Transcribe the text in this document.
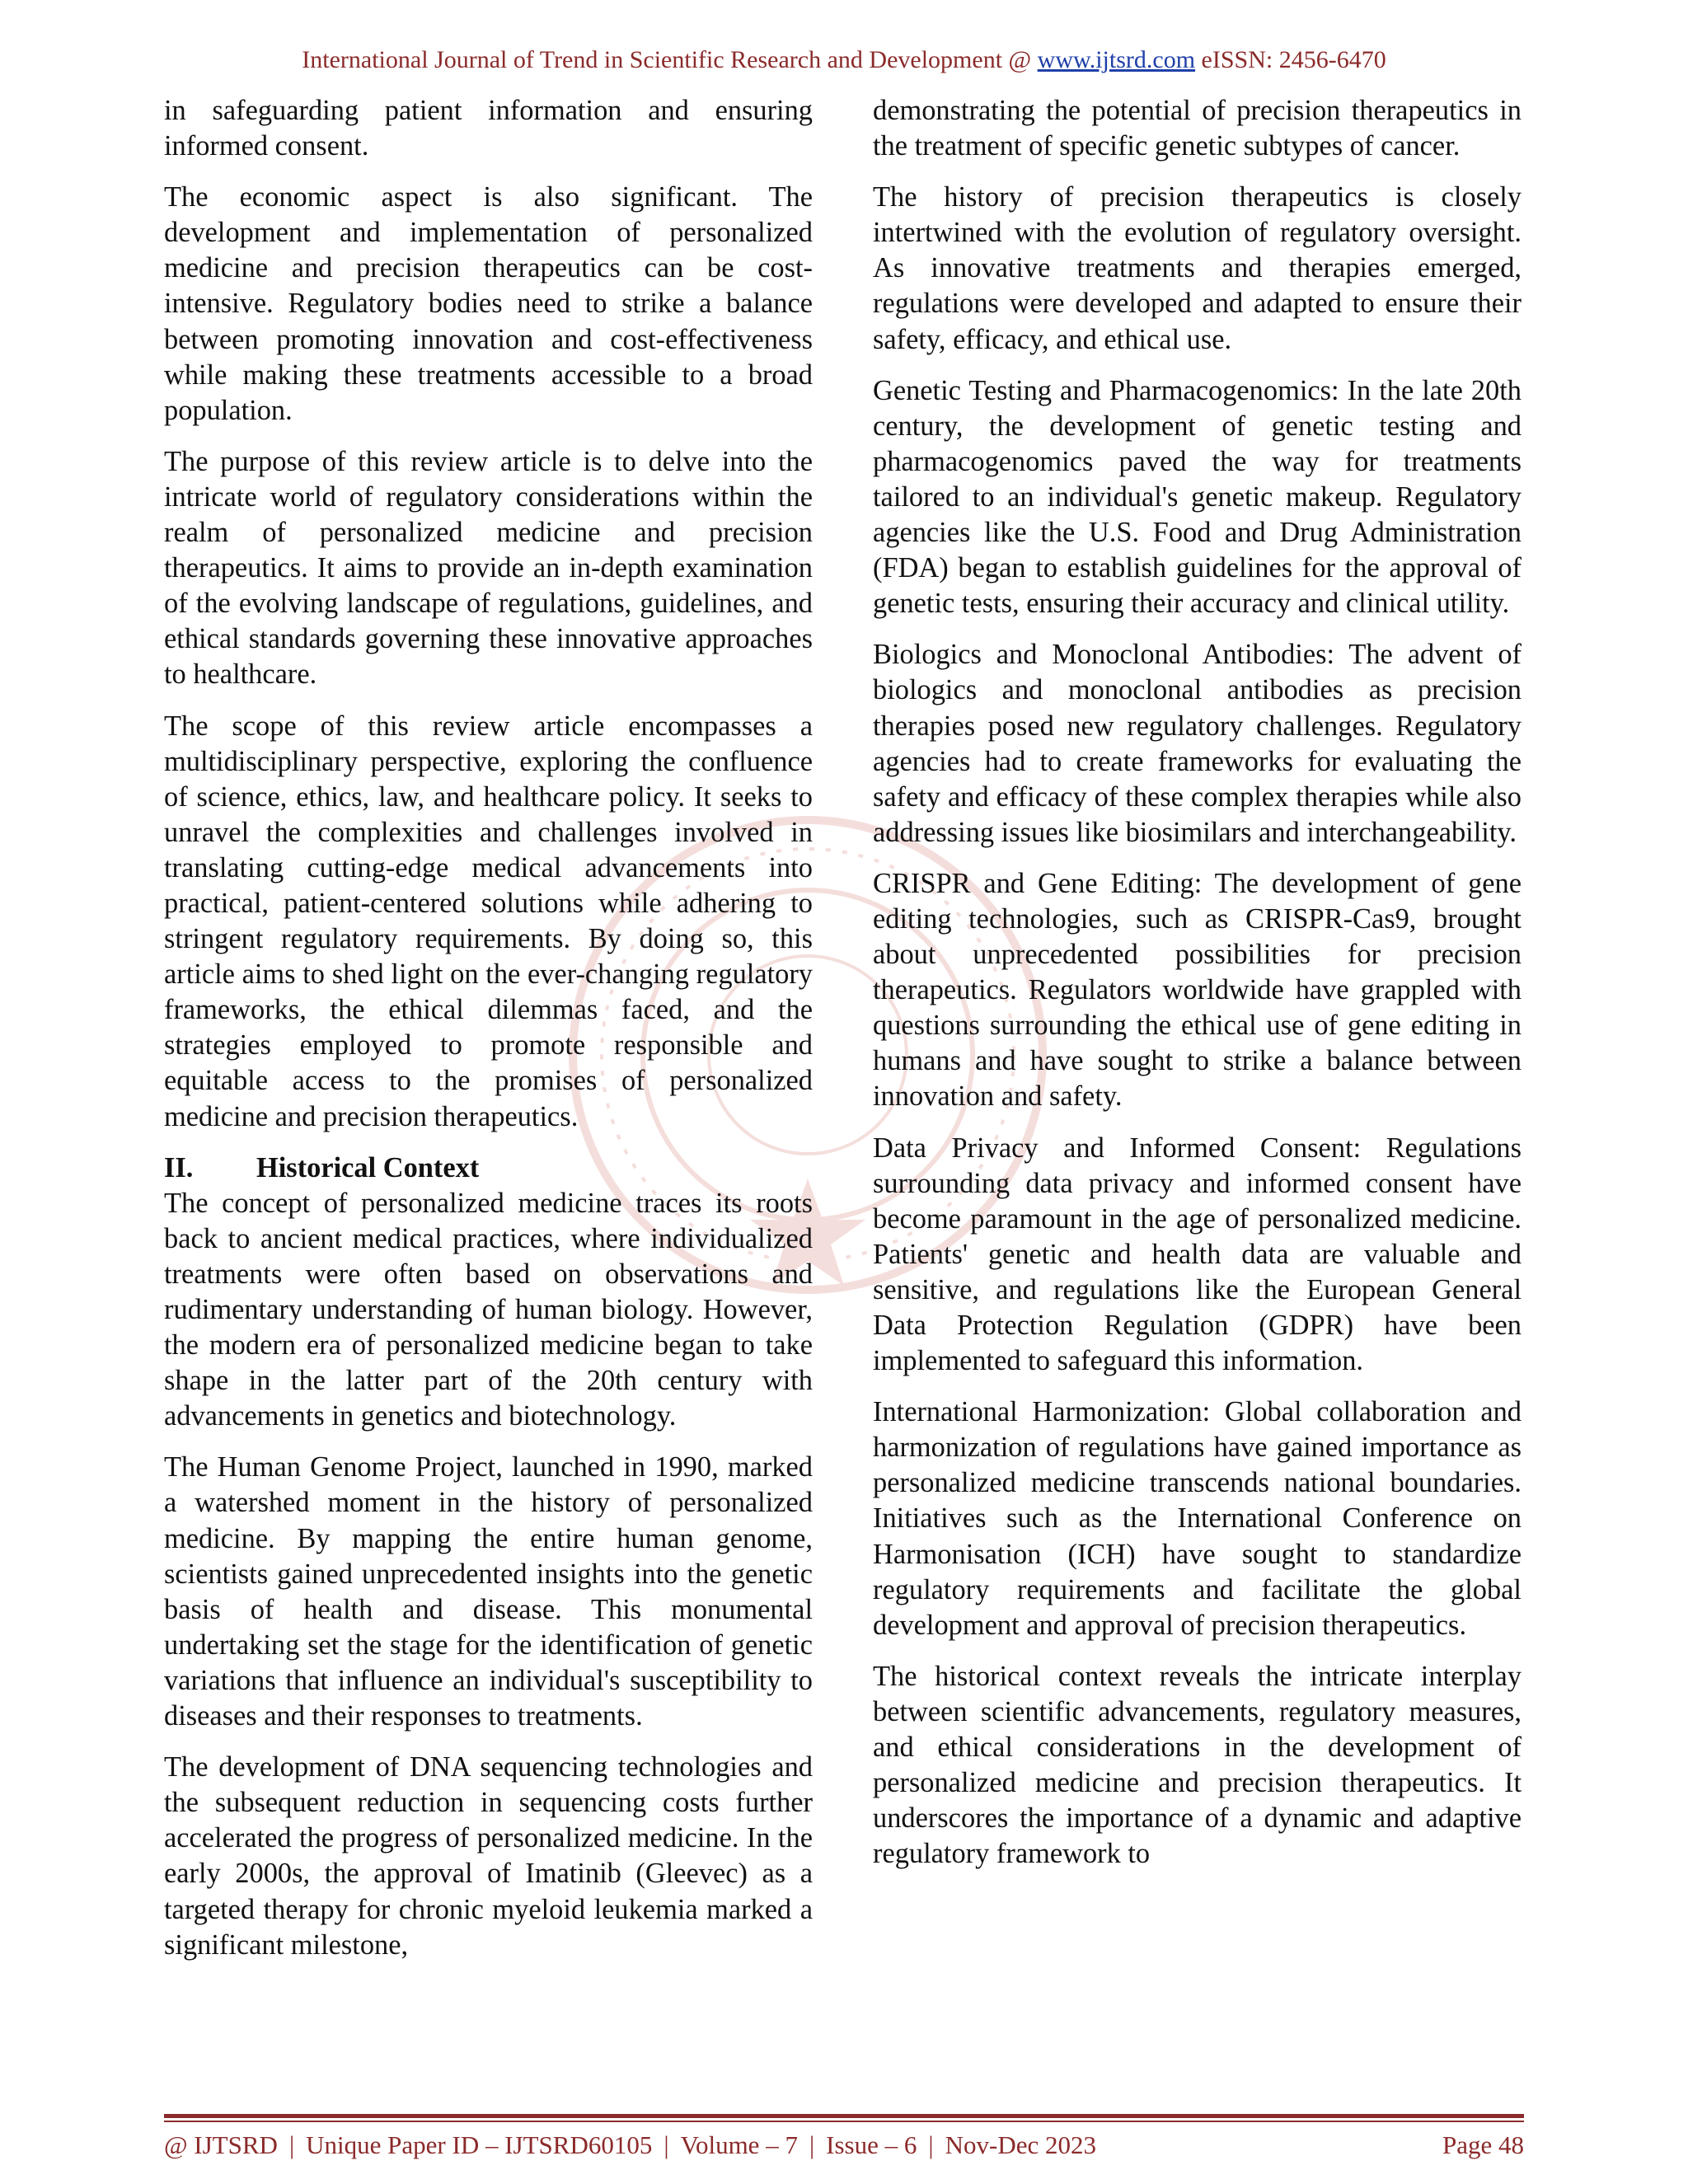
International Journal of Trend in Scientific Research and Development @ www.ijtsrd.com eISSN: 2456-6470

in safeguarding patient information and ensuring informed consent.

The economic aspect is also significant. The development and implementation of personalized medicine and precision therapeutics can be cost-intensive. Regulatory bodies need to strike a balance between promoting innovation and cost-effectiveness while making these treatments accessible to a broad population.

The purpose of this review article is to delve into the intricate world of regulatory considerations within the realm of personalized medicine and precision therapeutics. It aims to provide an in-depth examination of the evolving landscape of regulations, guidelines, and ethical standards governing these innovative approaches to healthcare.

The scope of this review article encompasses a multidisciplinary perspective, exploring the confluence of science, ethics, law, and healthcare policy. It seeks to unravel the complexities and challenges involved in translating cutting-edge medical advancements into practical, patient-centered solutions while adhering to stringent regulatory requirements. By doing so, this article aims to shed light on the ever-changing regulatory frameworks, the ethical dilemmas faced, and the strategies employed to promote responsible and equitable access to the promises of personalized medicine and precision therapeutics.

II. Historical Context

The concept of personalized medicine traces its roots back to ancient medical practices, where individualized treatments were often based on observations and rudimentary understanding of human biology. However, the modern era of personalized medicine began to take shape in the latter part of the 20th century with advancements in genetics and biotechnology.

The Human Genome Project, launched in 1990, marked a watershed moment in the history of personalized medicine. By mapping the entire human genome, scientists gained unprecedented insights into the genetic basis of health and disease. This monumental undertaking set the stage for the identification of genetic variations that influence an individual's susceptibility to diseases and their responses to treatments.

The development of DNA sequencing technologies and the subsequent reduction in sequencing costs further accelerated the progress of personalized medicine. In the early 2000s, the approval of Imatinib (Gleevec) as a targeted therapy for chronic myeloid leukemia marked a significant milestone,

demonstrating the potential of precision therapeutics in the treatment of specific genetic subtypes of cancer.

The history of precision therapeutics is closely intertwined with the evolution of regulatory oversight. As innovative treatments and therapies emerged, regulations were developed and adapted to ensure their safety, efficacy, and ethical use.

Genetic Testing and Pharmacogenomics: In the late 20th century, the development of genetic testing and pharmacogenomics paved the way for treatments tailored to an individual's genetic makeup. Regulatory agencies like the U.S. Food and Drug Administration (FDA) began to establish guidelines for the approval of genetic tests, ensuring their accuracy and clinical utility.

Biologics and Monoclonal Antibodies: The advent of biologics and monoclonal antibodies as precision therapies posed new regulatory challenges. Regulatory agencies had to create frameworks for evaluating the safety and efficacy of these complex therapies while also addressing issues like biosimilars and interchangeability.

CRISPR and Gene Editing: The development of gene editing technologies, such as CRISPR-Cas9, brought about unprecedented possibilities for precision therapeutics. Regulators worldwide have grappled with questions surrounding the ethical use of gene editing in humans and have sought to strike a balance between innovation and safety.

Data Privacy and Informed Consent: Regulations surrounding data privacy and informed consent have become paramount in the age of personalized medicine. Patients' genetic and health data are valuable and sensitive, and regulations like the European General Data Protection Regulation (GDPR) have been implemented to safeguard this information.

International Harmonization: Global collaboration and harmonization of regulations have gained importance as personalized medicine transcends national boundaries. Initiatives such as the International Conference on Harmonisation (ICH) have sought to standardize regulatory requirements and facilitate the global development and approval of precision therapeutics.

The historical context reveals the intricate interplay between scientific advancements, regulatory measures, and ethical considerations in the development of personalized medicine and precision therapeutics. It underscores the importance of a dynamic and adaptive regulatory framework to

@ IJTSRD | Unique Paper ID – IJTSRD60105 | Volume – 7 | Issue – 6 | Nov-Dec 2023	Page 48
